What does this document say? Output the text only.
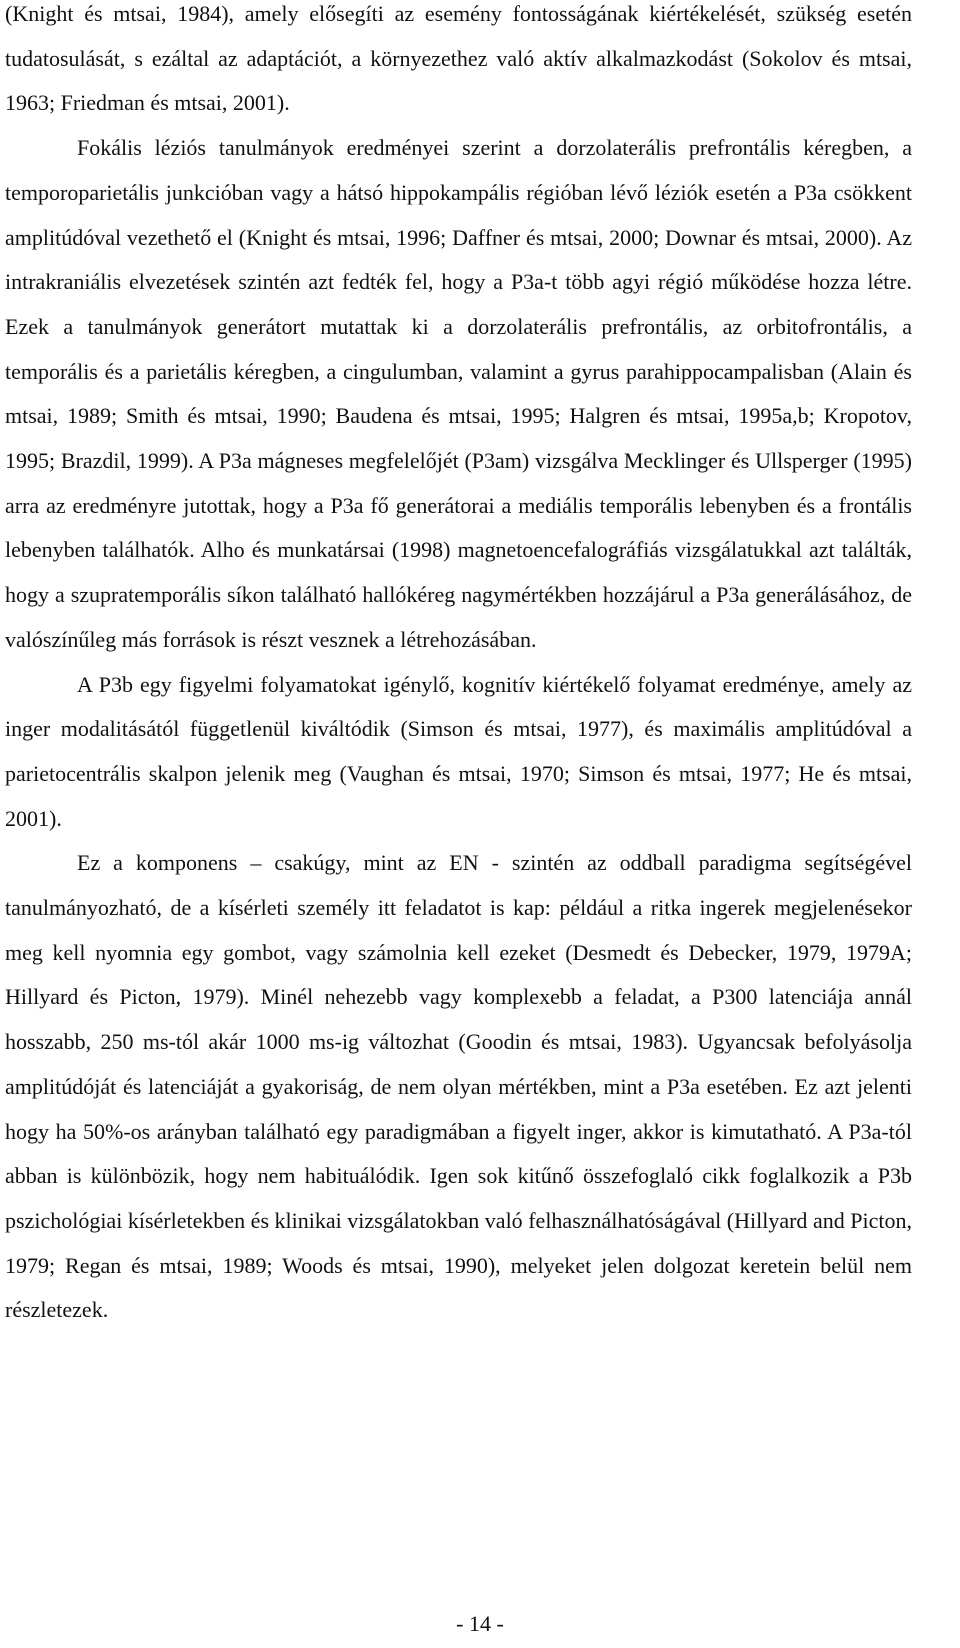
(Knight és mtsai, 1984), amely elősegíti az esemény fontosságának kiértékelését, szükség esetén tudatosulását, s ezáltal az adaptációt, a környezethez való aktív alkalmazkodást (Sokolov és mtsai, 1963; Friedman és mtsai, 2001).

Fokális léziós tanulmányok eredményei szerint a dorzolaterális prefrontális kéregben, a temporoparietális junkcióban vagy a hátsó hippokampális régióban lévő léziók esetén a P3a csökkent amplitúdóval vezethető el (Knight és mtsai, 1996; Daffner és mtsai, 2000; Downar és mtsai, 2000). Az intrakraniális elvezetések szintén azt fedték fel, hogy a P3a-t több agyi régió működése hozza létre. Ezek a tanulmányok generátort mutattak ki a dorzolaterális prefrontális, az orbitofrontális, a temporális és a parietális kéregben, a cingulumban, valamint a gyrus parahippocampalisban (Alain és mtsai, 1989; Smith és mtsai, 1990; Baudena és mtsai, 1995; Halgren és mtsai, 1995a,b; Kropotov, 1995; Brazdil, 1999). A P3a mágneses megfelelőjét (P3am) vizsgálva Mecklinger és Ullsperger (1995) arra az eredményre jutottak, hogy a P3a fő generátorai a mediális temporális lebenyben és a frontális lebenyben találhatók. Alho és munkatársai (1998) magnetoencefalográfiás vizsgálatukkal azt találták, hogy a szupratemporális síkon található hallókéreg nagymértékben hozzájárul a P3a generálásához, de valószínűleg más források is részt vesznek a létrehozásában.

A P3b egy figyelmi folyamatokat igénylő, kognitív kiértékelő folyamat eredménye, amely az inger modalitásától függetlenül kiváltódik (Simson és mtsai, 1977), és maximális amplitúdóval a parietocentrális skalpon jelenik meg (Vaughan és mtsai, 1970; Simson és mtsai, 1977; He és mtsai, 2001).

Ez a komponens – csakúgy, mint az EN - szintén az oddball paradigma segítségével tanulmányozható, de a kísérleti személy itt feladatot is kap: például a ritka ingerek megjelenésekor meg kell nyomnia egy gombot, vagy számolnia kell ezeket (Desmedt és Debecker, 1979, 1979A; Hillyard és Picton, 1979). Minél nehezebb vagy komplexebb a feladat, a P300 latenciája annál hosszabb, 250 ms-tól akár 1000 ms-ig változhat (Goodin és mtsai, 1983). Ugyancsak befolyásolja amplitúdóját és latenciáját a gyakoriság, de nem olyan mértékben, mint a P3a esetében. Ez azt jelenti hogy ha 50%-os arányban található egy paradigmában a figyelt inger, akkor is kimutatható. A P3a-tól abban is különbözik, hogy nem habituálódik. Igen sok kitűnő összefoglaló cikk foglalkozik a P3b pszichológiai kísérletekben és klinikai vizsgálatokban való felhasználhatóságával (Hillyard and Picton, 1979; Regan és mtsai, 1989; Woods és mtsai, 1990), melyeket jelen dolgozat keretein belül nem részletezek.

- 14 -
